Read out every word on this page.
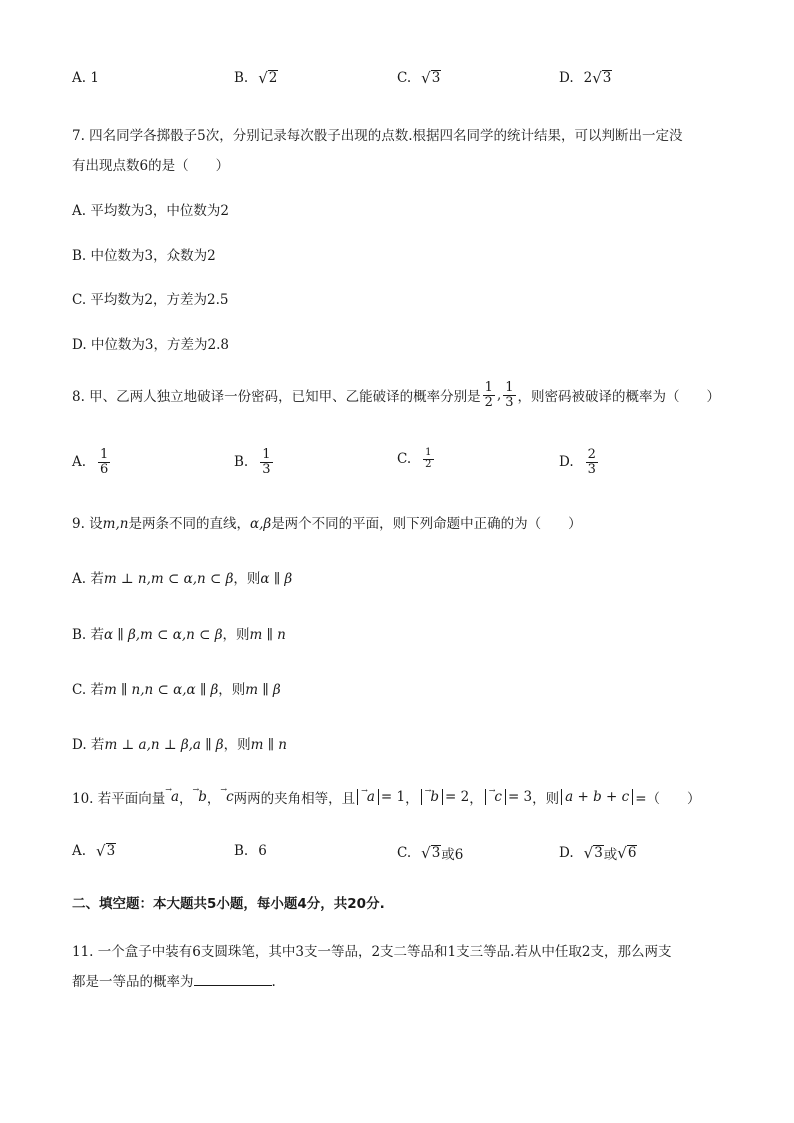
A. 1	B. √ 2	C. √ 3	D. 2 √ 3
7. 四名同学各掷骰子5次，分别记录每次骰子出现的点数.根据四名同学的统计结果，可以判断出一定没
有出现点数6的是（　　）
A. 平均数为3，中位数为2
B. 中位数为3，众数为2
C. 平均数为2，方差为2.5
D. 中位数为3，方差为2.8
8. 甲、乙两人独立地破译一份密码，已知甲、乙能破译的概率分别是 $\frac{1}{2}$ , $\frac{1}{3}$ ，则密码被破译的概率为（　　）
A. $\frac{1}{6}$	B. $\frac{1}{3}$	C. $\frac{1}{2}$	D. $\frac{2}{3}$
9. 设m,n是两条不同的直线，α,β是两个不同的平面，则下列命题中正确的为（　　）
A. 若m ⊥ n,m ⊂ α,n ⊂ β，则α ∥ β
B. 若α ∥ β,m ⊂ α,n ⊂ β，则m ∥ n
C. 若m ∥ n,n ⊂ α,α ∥ β，则m ∥ β
D. 若m ⊥ a,n ⊥ β,a ∥ β，则m ∥ n
10. 若平面向量
→ a ，
→ b ，
→ c 两两的夹角相等，且
→a = 1 ，
→b = 2 ，
→c = 3 ，则 a + b + c =（　　）
A. √ 3	B. 6	C. √ 3 或6	D. √ 3 或 √ 6
二、填空题：本大题共5小题，每小题4分，共20分.
11. 一个盒子中装有6支圆珠笔，其中3支一等品，2支二等品和1支三等品.若从中任取2支，那么两支
都是一等品的概率为	.
